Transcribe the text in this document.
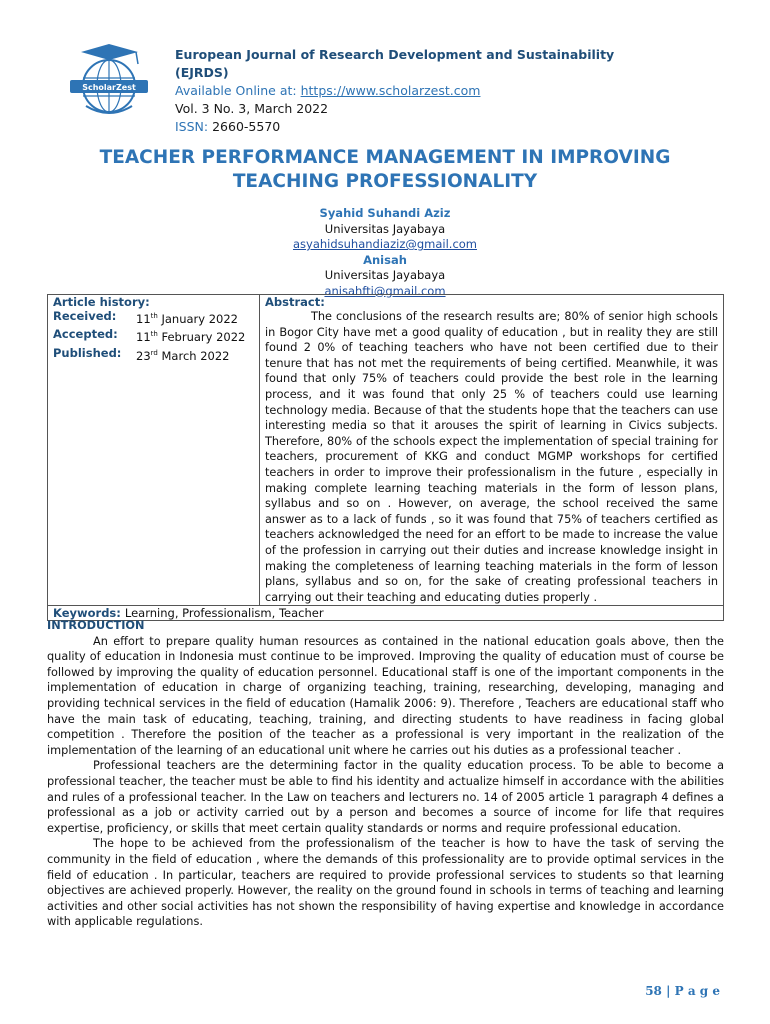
ScholarZest
European Journal of Research Development and Sustainability (EJRDS)
Available Online at: https://www.scholarzest.com
Vol. 3 No. 3, March 2022
ISSN: 2660-5570
TEACHER PERFORMANCE MANAGEMENT IN IMPROVING
TEACHING PROFESSIONALITY
Syahid Suhandi Aziz
Universitas Jayabaya
asyahidsuhandiaziz@gmail.com
Anisah
Universitas Jayabaya
anisahfti@gmail.com
Article history:
Received:	11th January 2022
Accepted:	11th February 2022
Published:	23rd March 2022

Abstract:

The conclusions of the research results are; 80% of senior high schools in Bogor City have met a good quality of education , but in reality they are still found 2 0% of teaching teachers who have not been certified due to their tenure that has not met the requirements of being certified. Meanwhile, it was found that only 75% of teachers could provide the best role in the learning process, and it was found that only 25 % of teachers could use learning technology media. Because of that the students hope that the teachers can use interesting media so that it arouses the spirit of learning in Civics subjects. Therefore, 80% of the schools expect the implementation of special training for teachers, procurement of KKG and conduct MGMP workshops for certified teachers in order to improve their professionalism in the future , especially in making complete learning teaching materials in the form of lesson plans, syllabus and so on . However, on average, the school received the same answer as to a lack of funds , so it was found that 75% of teachers certified as teachers acknowledged the need for an effort to be made to increase the value of the profession in carrying out their duties and increase knowledge insight in making the completeness of learning teaching materials in the form of lesson plans, syllabus and so on, for the sake of creating professional teachers in carrying out their teaching and educating duties properly .

Keywords: Learning, Professionalism, Teacher

INTRODUCTION

An effort to prepare quality human resources as contained in the national education goals above, then the quality of education in Indonesia must continue to be improved. Improving the quality of education must of course be followed by improving the quality of education personnel. Educational staff is one of the important components in the implementation of education in charge of organizing teaching, training, researching, developing, managing and providing technical services in the field of education (Hamalik 2006: 9). Therefore , Teachers are educational staff who have the main task of educating, teaching, training, and directing students to have readiness in facing global competition . Therefore the position of the teacher as a professional is very important in the realization of the implementation of the learning of an educational unit where he carries out his duties as a professional teacher .

Professional teachers are the determining factor in the quality education process. To be able to become a professional teacher, the teacher must be able to find his identity and actualize himself in accordance with the abilities and rules of a professional teacher. In the Law on teachers and lecturers no. 14 of 2005 article 1 paragraph 4 defines a professional as a job or activity carried out by a person and becomes a source of income for life that requires expertise, proficiency, or skills that meet certain quality standards or norms and require professional education.

The hope to be achieved from the professionalism of the teacher is how to have the task of serving the community in the field of education , where the demands of this professionality are to provide optimal services in the field of education . In particular, teachers are required to provide professional services to students so that learning objectives are achieved properly. However, the reality on the ground found in schools in terms of teaching and learning activities and other social activities has not shown the responsibility of having expertise and knowledge in accordance with applicable regulations.

58 | P a g e
